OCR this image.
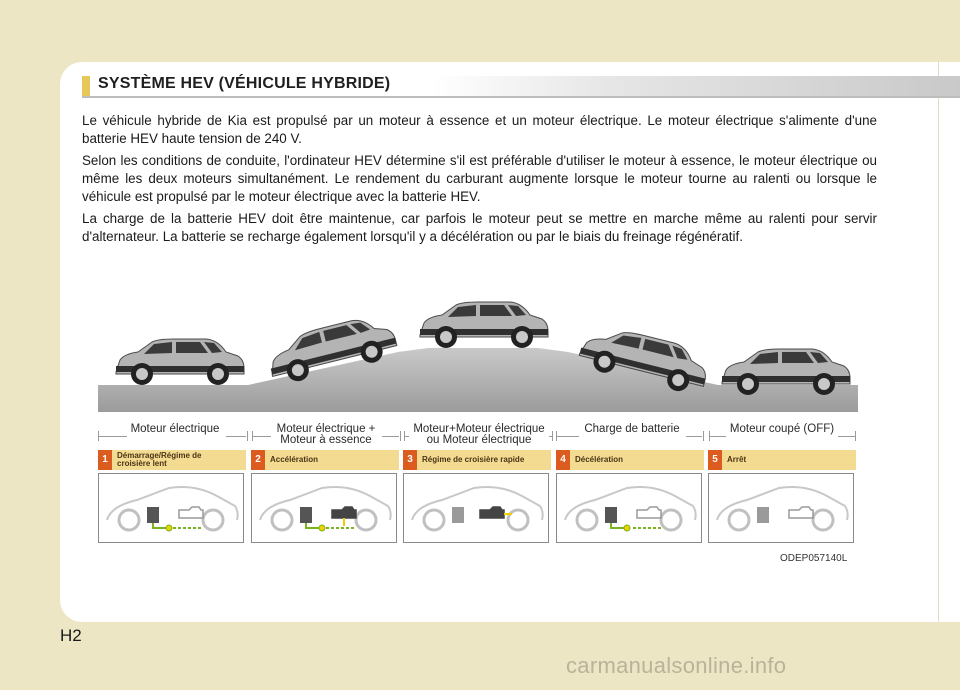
SYSTÈME HEV (VÉHICULE HYBRIDE)

Le véhicule hybride de Kia est propulsé par un moteur à essence et un moteur électrique. Le moteur électrique s'alimente d'une batterie HEV haute tension de 240 V.

Selon les conditions de conduite, l'ordinateur HEV détermine s'il est préférable d'utiliser le moteur à essence, le moteur électrique ou même les deux moteurs simultanément. Le rendement du carburant augmente lorsque le moteur tourne au ralenti ou lorsque le véhicule est propulsé par le moteur électrique avec la batterie HEV.

La charge de la batterie HEV doit être maintenue, car parfois le moteur peut se mettre en marche même au ralenti pour servir d'alternateur. La batterie se recharge également lorsqu'il y a décélération ou par le biais du freinage régénératif.

Moteur électrique	Moteur électrique +
Moteur à essence
Moteur+Moteur électrique
ou Moteur électrique
Charge de batterie	Moteur coupé (OFF)
1	Démarrage/Régime de
croisière lent	2	Accélération	3	Régime de croisière rapide	4	Décélération	5	Arrêt
ODEP057140L
H2
carmanualsonline.info
